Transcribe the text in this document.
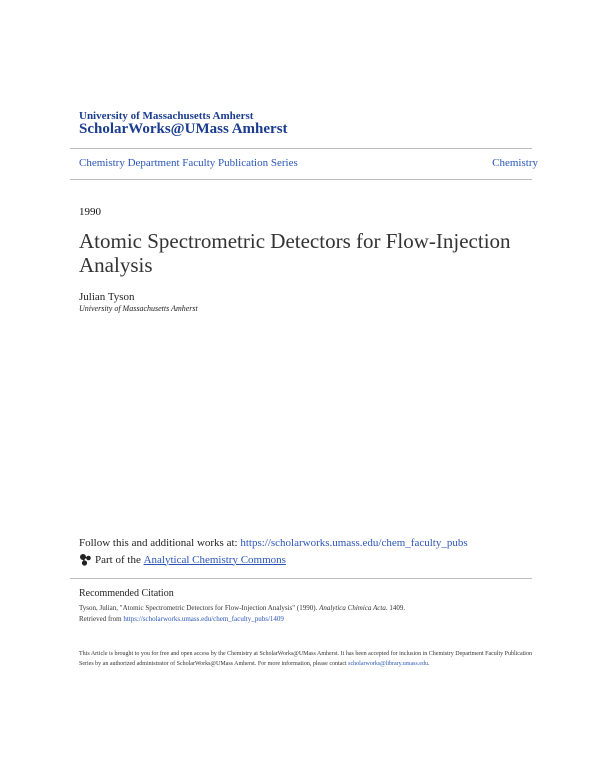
University of Massachusetts Amherst
ScholarWorks@UMass Amherst
Chemistry Department Faculty Publication Series	Chemistry
1990
Atomic Spectrometric Detectors for Flow-Injection Analysis
Julian Tyson
University of Massachusetts Amherst
Follow this and additional works at: https://scholarworks.umass.edu/chem_faculty_pubs
Part of the
Analytical Chemistry Commons
Recommended Citation
Tyson, Julian, "Atomic Spectrometric Detectors for Flow-Injection Analysis" (1990). Analytica Chimica Acta. 1409.
Retrieved from https://scholarworks.umass.edu/chem_faculty_pubs/1409
This Article is brought to you for free and open access by the Chemistry at ScholarWorks@UMass Amherst. It has been accepted for inclusion in Chemistry Department Faculty Publication Series by an authorized administrator of ScholarWorks@UMass Amherst. For more information, please contact scholarworks@library.umass.edu.
